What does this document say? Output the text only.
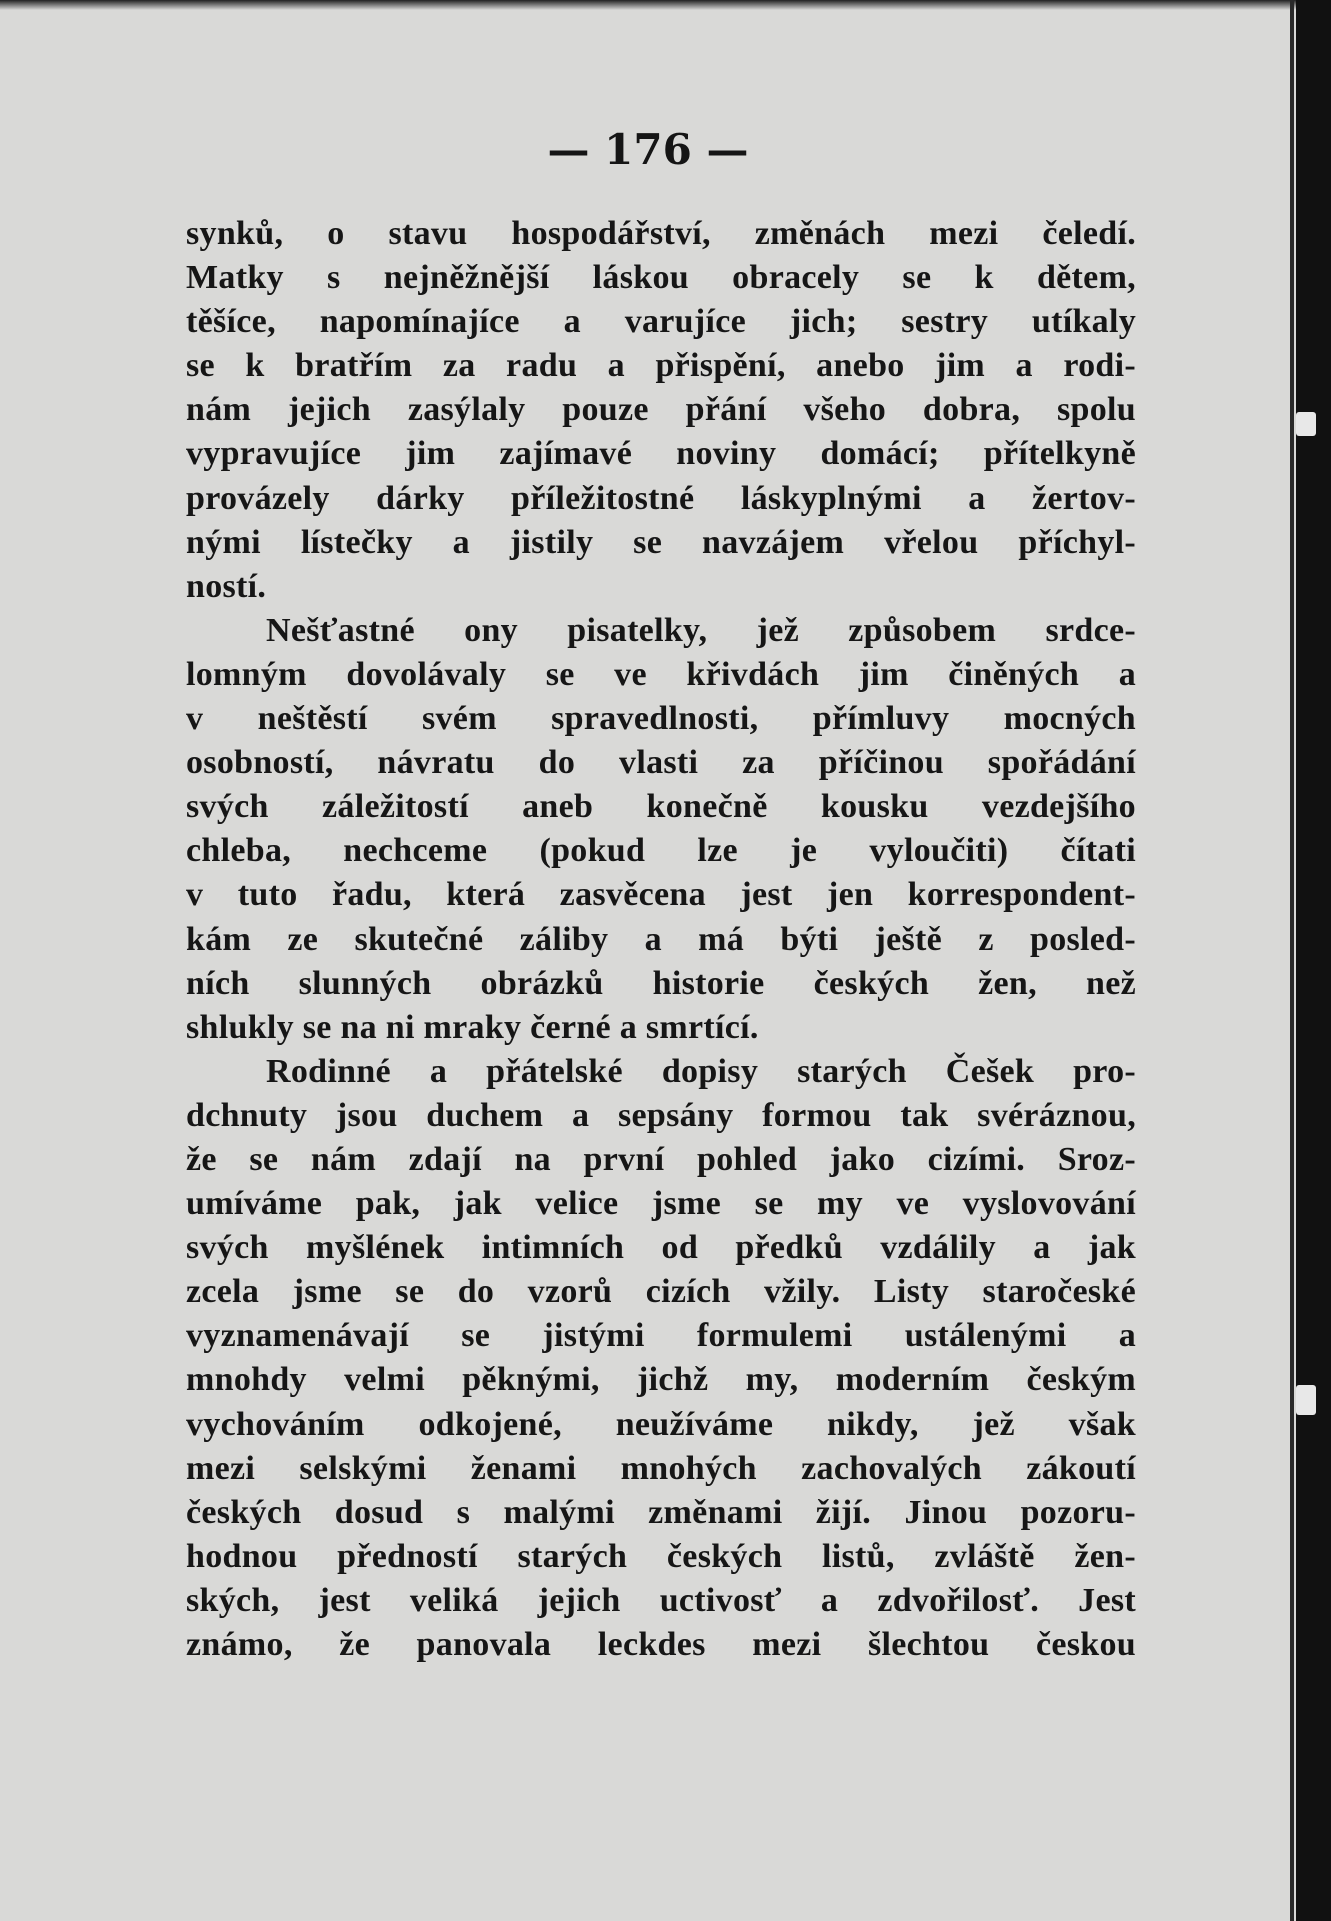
— 176 —
synků, o stavu hospodářství, změnách mezi čeledí.
Matky s nejněžnější láskou obracely se k dětem,
těšíce, napomínajíce a varujíce jich; sestry utíkaly
se k bratřím za radu a přispění, anebo jim a rodi-
nám jejich zasýlaly pouze přání všeho dobra, spolu
vypravujíce jim zajímavé noviny domácí; přítelkyně
provázely dárky příležitostné láskyplnými a žertov-
nými lístečky a jistily se navzájem vřelou příchyl-
ností.
Nešťastné ony pisatelky, jež způsobem srdce-
lomným dovolávaly se ve křivdách jim činěných a
v neštěstí svém spravedlnosti, přímluvy mocných
osobností, návratu do vlasti za příčinou spořádání
svých záležitostí aneb konečně kousku vezdejšího
chleba, nechceme (pokud lze je vyloučiti) čítati
v tuto řadu, která zasvěcena jest jen korrespondent-
kám ze skutečné záliby a má býti ještě z posled-
ních slunných obrázků historie českých žen, než
shlukly se na ni mraky černé a smrtící.
Rodinné a přátelské dopisy starých Češek pro-
dchnuty jsou duchem a sepsány formou tak svéráznou,
že se nám zdají na první pohled jako cizími. Sroz-
umíváme pak, jak velice jsme se my ve vyslovování
svých myšlének intimních od předků vzdálily a jak
zcela jsme se do vzorů cizích vžily. Listy staročeské
vyznamenávají se jistými formulemi ustálenými a
mnohdy velmi pěknými, jichž my, moderním českým
vychováním odkojené, neužíváme nikdy, jež však
mezi selskými ženami mnohých zachovalých zákoutí
českých dosud s malými změnami žijí. Jinou pozoru-
hodnou předností starých českých listů, zvláště žen-
ských, jest veliká jejich uctivosť a zdvořilosť. Jest
známo, že panovala leckdes mezi šlechtou českou
